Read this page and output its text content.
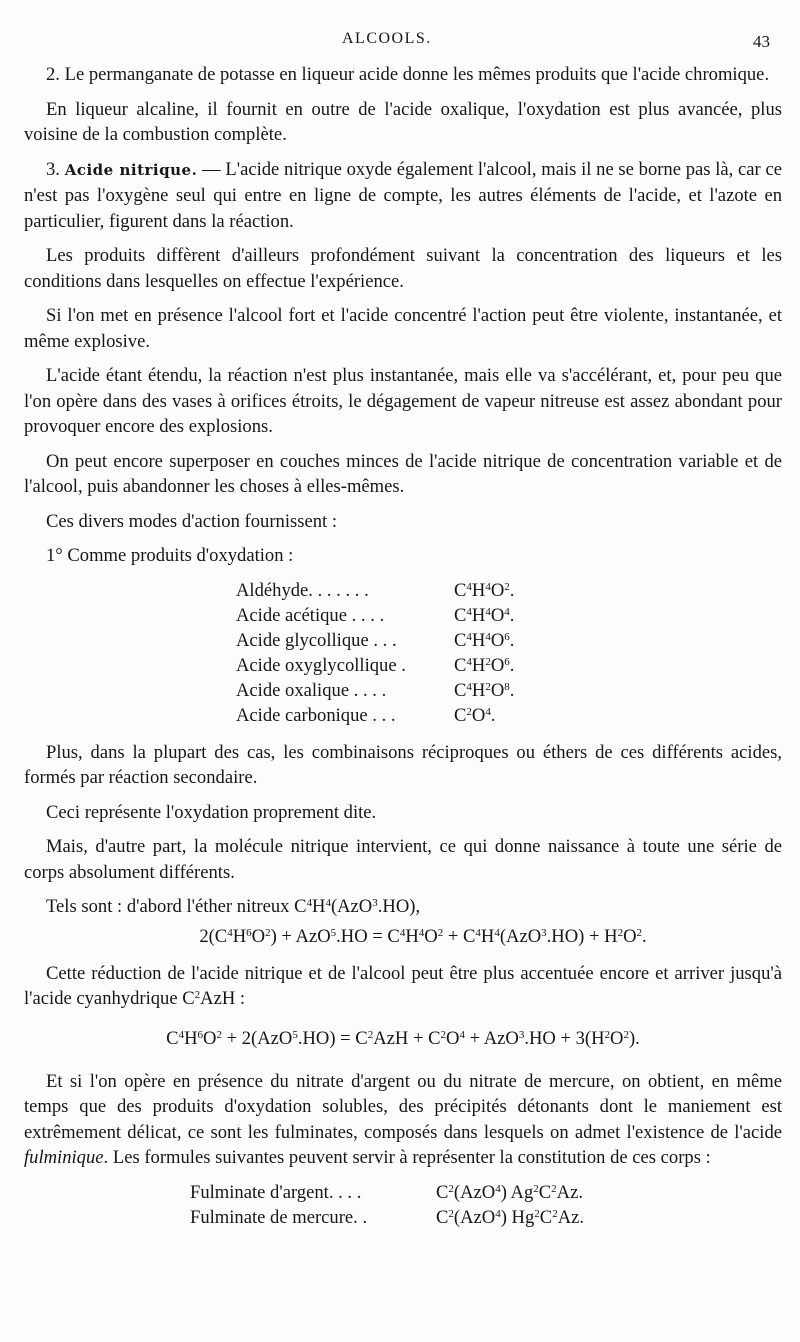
ALCOOLS.	43

2. Le permanganate de potasse en liqueur acide donne les mêmes produits que l'acide chromique.

En liqueur alcaline, il fournit en outre de l'acide oxalique, l'oxydation est plus avancée, plus voisine de la combustion complète.

3. Acide nitrique. — L'acide nitrique oxyde également l'alcool, mais il ne se borne pas là, car ce n'est pas l'oxygène seul qui entre en ligne de compte, les autres éléments de l'acide, et l'azote en particulier, figurent dans la réaction.

Les produits diffèrent d'ailleurs profondément suivant la concentration des liqueurs et les conditions dans lesquelles on effectue l'expérience.

Si l'on met en présence l'alcool fort et l'acide concentré l'action peut être violente, instantanée, et même explosive.

L'acide étant étendu, la réaction n'est plus instantanée, mais elle va s'accélérant, et, pour peu que l'on opère dans des vases à orifices étroits, le dégagement de vapeur nitreuse est assez abondant pour provoquer encore des explosions.

On peut encore superposer en couches minces de l'acide nitrique de concentration variable et de l'alcool, puis abandonner les choses à elles-mêmes.

Ces divers modes d'action fournissent :

1° Comme produits d'oxydation :

Aldéhyde. . . . . . .	$C^4H^4O^2$.
Acide acétique . . . .	$C^4H^4O^4$.
Acide glycollique . . .	$C^4H^4O^6$.
Acide oxyglycollique .	$C^4H^2O^6$.
Acide oxalique . . . .	$C^4H^2O^8$.
Acide carbonique . . .	$C^2O^4$.

Plus, dans la plupart des cas, les combinaisons réciproques ou éthers de ces différents acides, formés par réaction secondaire.

Ceci représente l'oxydation proprement dite.

Mais, d'autre part, la molécule nitrique intervient, ce qui donne naissance à toute une série de corps absolument différents.

Tels sont : d'abord l'éther nitreux $C^4H^4(AzO^3.HO)$,

$2(C^4H^6O^2) + AzO^5.HO = C^4H^4O^2 + C^4H^4(AzO^3.HO) + H^2O^2$.

Cette réduction de l'acide nitrique et de l'alcool peut être plus accentuée encore et arriver jusqu'à l'acide cyanhydrique $C^2AzH$ :

$C^4H^6O^2 + 2(AzO^5.HO) = C^2AzH + C^2O^4 + AzO^3.HO + 3(H^2O^2)$.

Et si l'on opère en présence du nitrate d'argent ou du nitrate de mercure, on obtient, en même temps que des produits d'oxydation solubles, des précipités détonants dont le maniement est extrêmement délicat, ce sont les fulminates, composés dans lesquels on admet l'existence de l'acide fulminique. Les formules suivantes peuvent servir à représenter la constitution de ces corps :

Fulminate d'argent. . . .	$C^2(AzO^4)$ $Ag^2C^2Az$.
Fulminate de mercure. .	$C^2(AzO^4)$ $Hg^2C^2Az$.
